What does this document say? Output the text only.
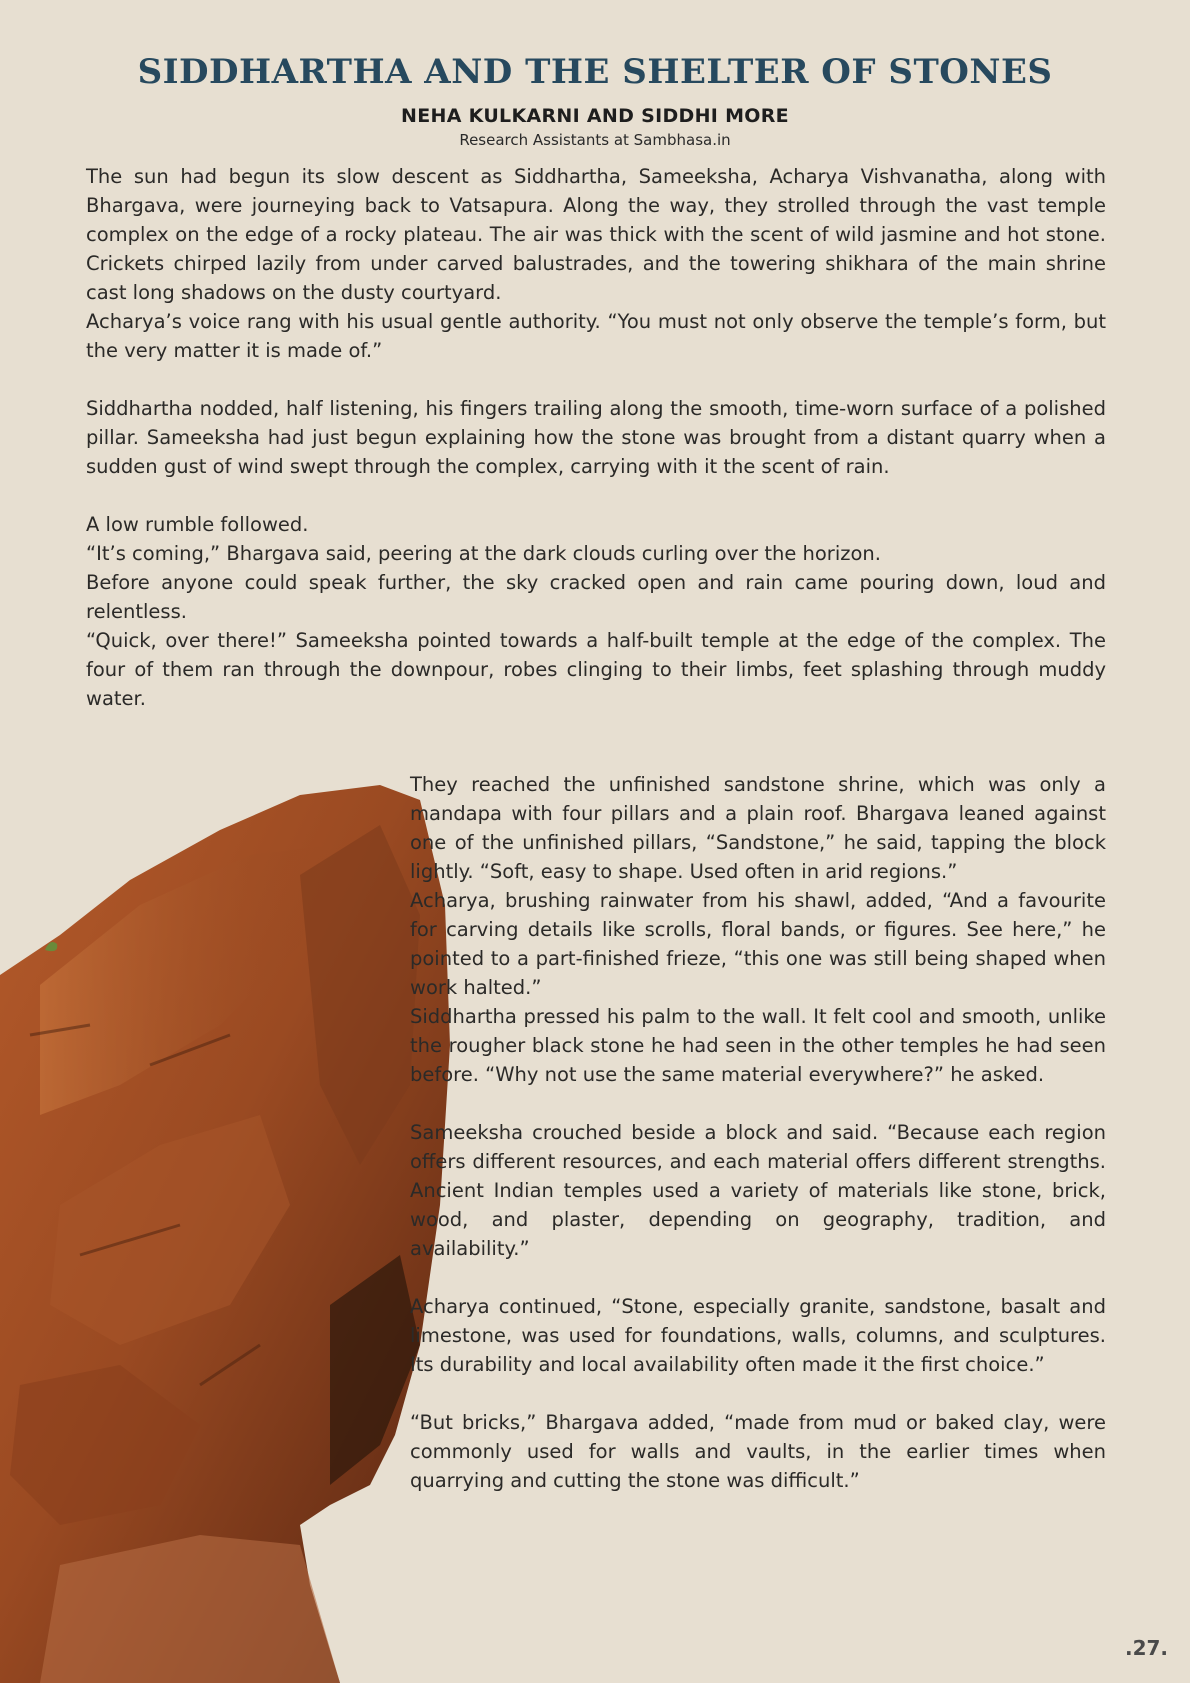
SIDDHARTHA AND THE SHELTER OF STONES
NEHA KULKARNI AND SIDDHI MORE
Research Assistants at Sambhasa.in

The sun had begun its slow descent as Siddhartha, Sameeksha, Acharya Vishvanatha, along with Bhargava, were journeying back to Vatsapura. Along the way, they strolled through the vast temple complex on the edge of a rocky plateau. The air was thick with the scent of wild jasmine and hot stone. Crickets chirped lazily from under carved balustrades, and the towering shikhara of the main shrine cast long shadows on the dusty courtyard.

Acharya’s voice rang with his usual gentle authority. “You must not only observe the temple’s form, but the very matter it is made of.”

Siddhartha nodded, half listening, his fingers trailing along the smooth, time-worn surface of a polished pillar. Sameeksha had just begun explaining how the stone was brought from a distant quarry when a sudden gust of wind swept through the complex, carrying with it the scent of rain.

A low rumble followed.

“It’s coming,” Bhargava said, peering at the dark clouds curling over the horizon.

Before anyone could speak further, the sky cracked open and rain came pouring down, loud and relentless.

“Quick, over there!” Sameeksha pointed towards a half-built temple at the edge of the complex. The four of them ran through the downpour, robes clinging to their limbs, feet splashing through muddy water.

They reached the unfinished sandstone shrine, which was only a mandapa with four pillars and a plain roof. Bhargava leaned against one of the unfinished pillars, “Sandstone,” he said, tapping the block lightly. “Soft, easy to shape. Used often in arid regions.”

Acharya, brushing rainwater from his shawl, added, “And a favourite for carving details like scrolls, floral bands, or figures. See here,” he pointed to a part-finished frieze, “this one was still being shaped when work halted.”

Siddhartha pressed his palm to the wall. It felt cool and smooth, unlike the rougher black stone he had seen in the other temples he had seen before. “Why not use the same material everywhere?” he asked.

Sameeksha crouched beside a block and said. “Because each region offers different resources, and each material offers different strengths. Ancient Indian temples used a variety of materials like stone, brick, wood, and plaster, depending on geography, tradition, and availability.”

Acharya continued, “Stone, especially granite, sandstone, basalt and limestone, was used for foundations, walls, columns, and sculptures. Its durability and local availability often made it the first choice.”

“But bricks,” Bhargava added, “made from mud or baked clay, were commonly used for walls and vaults, in the earlier times when quarrying and cutting the stone was difficult.”

.27.
